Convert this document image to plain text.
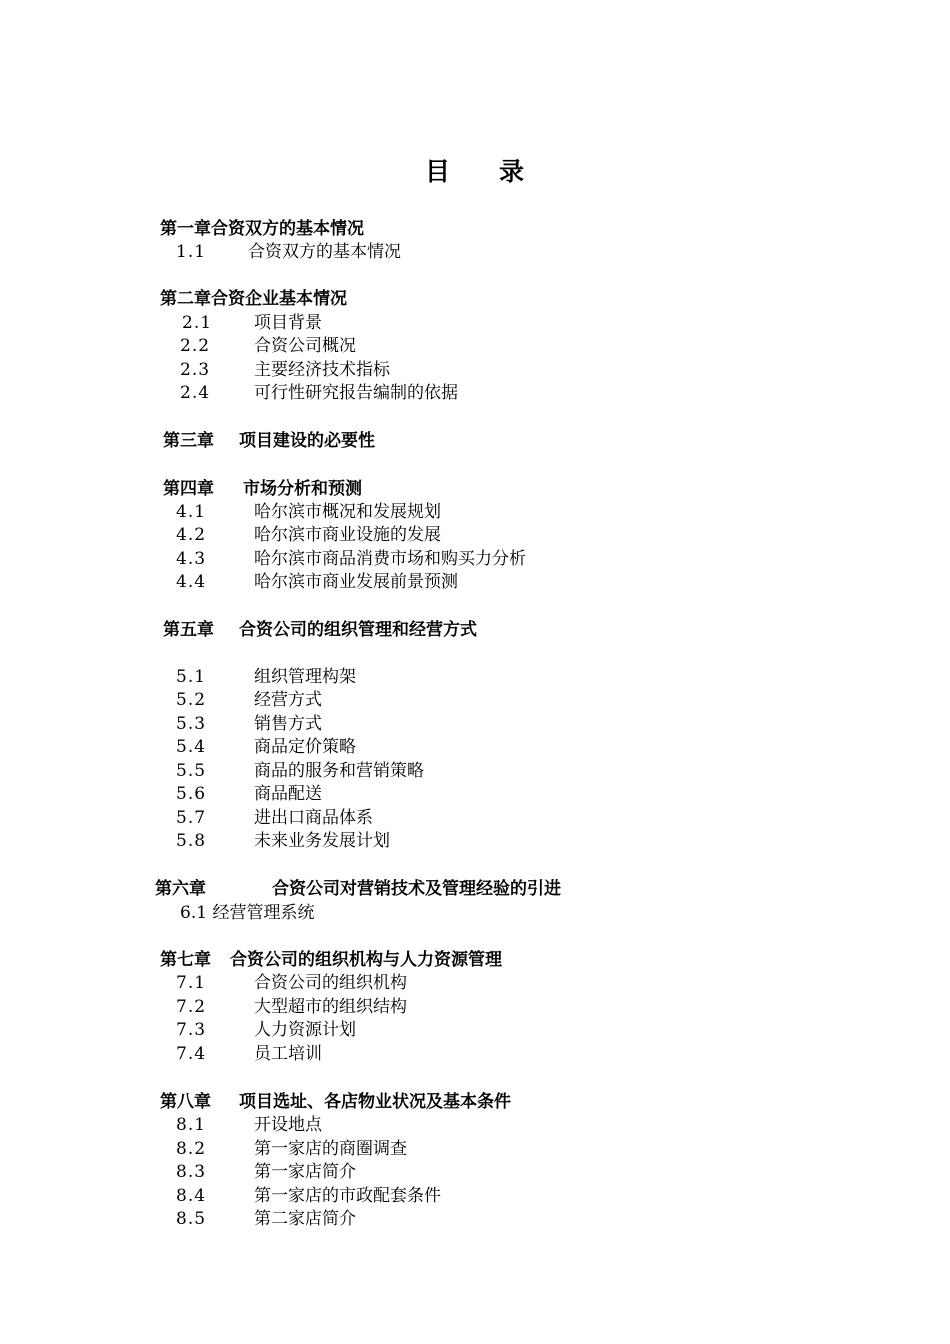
目 录
第一章合资双方的基本情况
1.1 合资双方的基本情况
第二章合资企业基本情况
2.1 项目背景
2.2	合资公司概况
2.3	主要经济技术指标
2.4	可行性研究报告编制的依据
第三章 项目建设的必要性
第四章 市场分析和预测
4.1	哈尔滨市概况和发展规划
4.2	哈尔滨市商业设施的发展
4.3	哈尔滨市商品消费市场和购买力分析
4.4	哈尔滨市商业发展前景预测
第五章 合资公司的组织管理和经营方式
5.1	组织管理构架
5.2	经营方式
5.3	销售方式
5.4	商品定价策略
5.5	商品的服务和营销策略
5.6	商品配送
5.7	进出口商品体系
5.8	未来业务发展计划
第六章	合资公司对营销技术及管理经验的引进
6.1 经营管理系统
第七章 合资公司的组织机构与人力资源管理
7.1	合资公司的组织机构
7.2	大型超市的组织结构
7.3	人力资源计划
7.4	员工培训
第八章 项目选址、各店物业状况及基本条件
8.1	开设地点
8.2	第一家店的商圈调查
8.3	第一家店简介
8.4	第一家店的市政配套条件
8.5	第二家店简介
